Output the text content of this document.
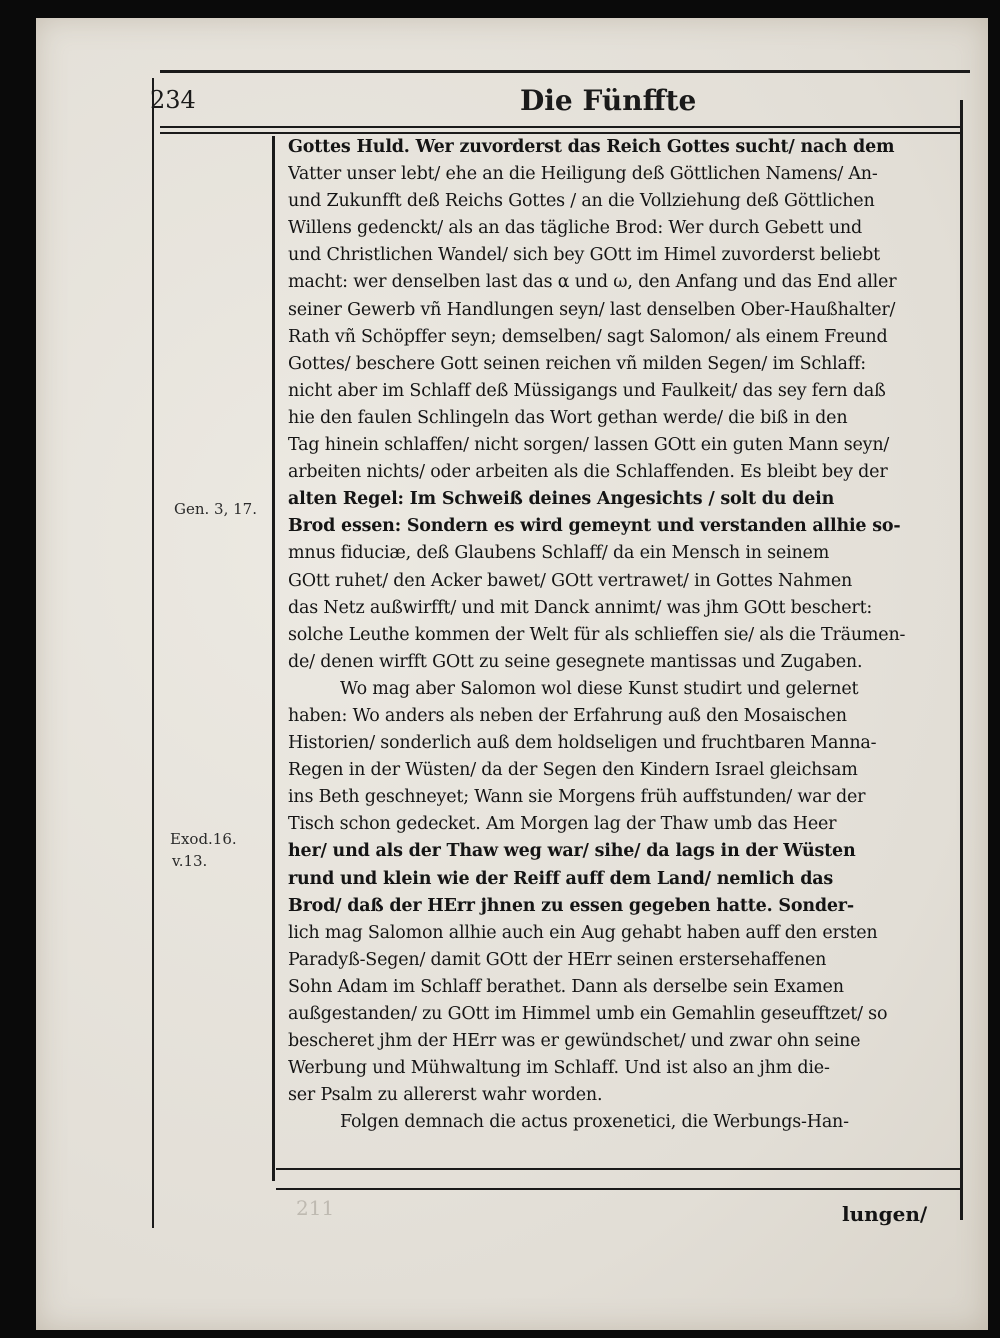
234	Die Fünffte
Gen. 3, 17.
Exod.16.
v.13.
Gottes Huld. Wer zuvorderst das Reich Gottes sucht/ nach dem
Vatter unser lebt/ ehe an die Heiligung deß Göttlichen Namens/ An-
und Zukunfft deß Reichs Gottes / an die Vollziehung deß Göttlichen
Willens gedenckt/ als an das tägliche Brod: Wer durch Gebett und
und Christlichen Wandel/ sich bey GOtt im Himel zuvorderst beliebt
macht: wer denselben last das α und ω, den Anfang und das End aller
seiner Gewerb vñ Handlungen seyn/ last denselben Ober-Haußhalter/
Rath vñ Schöpffer seyn; demselben/ sagt Salomon/ als einem Freund
Gottes/ beschere Gott seinen reichen vñ milden Segen/ im Schlaff:
nicht aber im Schlaff deß Müssigangs und Faulkeit/ das sey fern daß
hie den faulen Schlingeln das Wort gethan werde/ die biß in den
Tag hinein schlaffen/ nicht sorgen/ lassen GOtt ein guten Mann seyn/
arbeiten nichts/ oder arbeiten als die Schlaffenden. Es bleibt bey der
alten Regel: Im Schweiß deines Angesichts / solt du dein
Brod essen: Sondern es wird gemeynt und verstanden allhie so-
mnus fiduciæ, deß Glaubens Schlaff/ da ein Mensch in seinem
GOtt ruhet/ den Acker bawet/ GOtt vertrawet/ in Gottes Nahmen
das Netz außwirfft/ und mit Danck annimt/ was jhm GOtt beschert:
solche Leuthe kommen der Welt für als schlieffen sie/ als die Träumen-
de/ denen wirfft GOtt zu seine gesegnete mantissas und Zugaben.
Wo mag aber Salomon wol diese Kunst studirt und gelernet
haben: Wo anders als neben der Erfahrung auß den Mosaischen
Historien/ sonderlich auß dem holdseligen und fruchtbaren Manna-
Regen in der Wüsten/ da der Segen den Kindern Israel gleichsam
ins Beth geschneyet; Wann sie Morgens früh auffstunden/ war der
Tisch schon gedecket. Am Morgen lag der Thaw umb das Heer
her/ und als der Thaw weg war/ sihe/ da lags in der Wüsten
rund und klein wie der Reiff auff dem Land/ nemlich das
Brod/ daß der HErr jhnen zu essen gegeben hatte. Sonder-
lich mag Salomon allhie auch ein Aug gehabt haben auff den ersten
Paradyß-Segen/ damit GOtt der HErr seinen erstersehaffenen
Sohn Adam im Schlaff berathet. Dann als derselbe sein Examen
außgestanden/ zu GOtt im Himmel umb ein Gemahlin geseufftzet/ so
bescheret jhm der HErr was er gewündschet/ und zwar ohn seine
Werbung und Mühwaltung im Schlaff. Und ist also an jhm die-
ser Psalm zu allererst wahr worden.
Folgen demnach die actus proxenetici, die Werbungs-Han-
211	lungen/
